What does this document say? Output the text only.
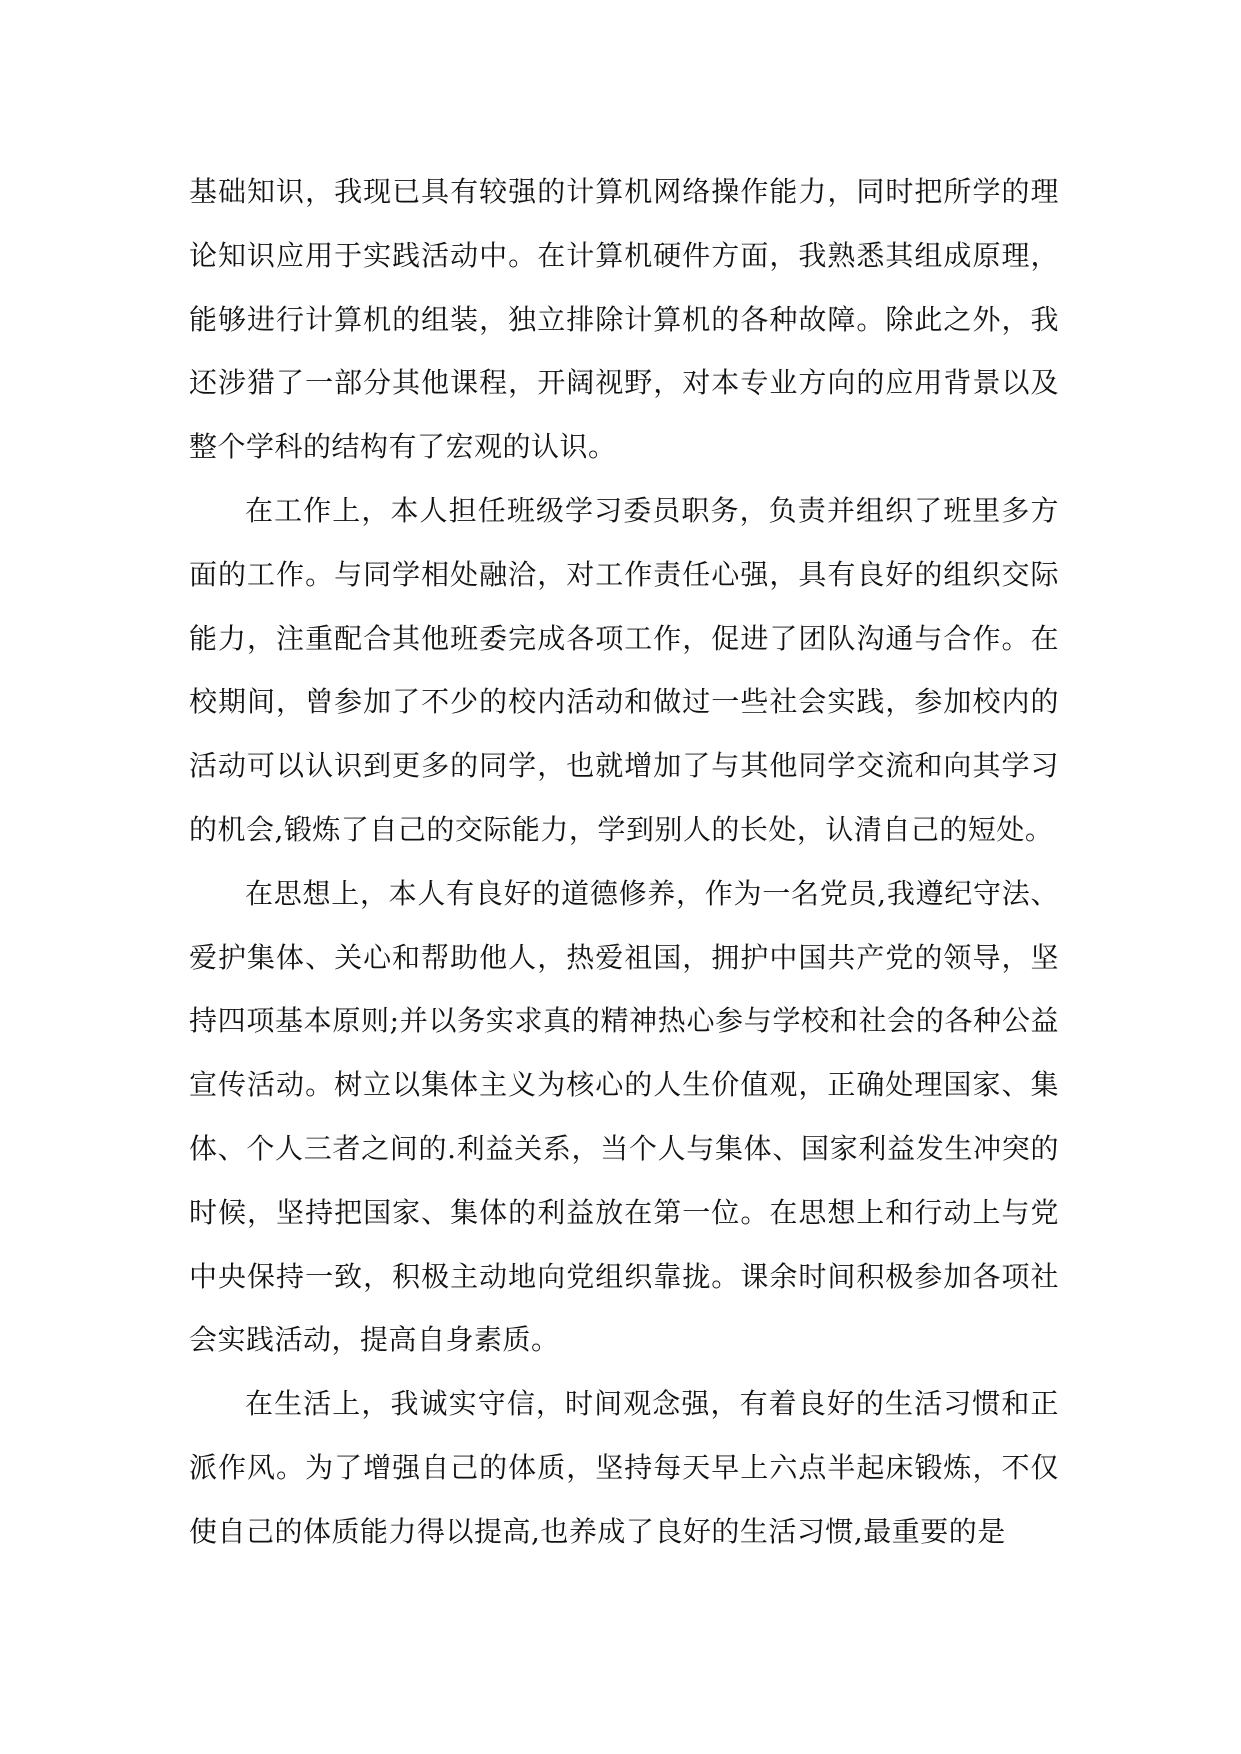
基础知识，我现已具有较强的计算机网络操作能力，同时把所学的理论知识应用于实践活动中。在计算机硬件方面，我熟悉其组成原理，能够进行计算机的组装，独立排除计算机的各种故障。除此之外，我还涉猎了一部分其他课程，开阔视野，对本专业方向的应用背景以及整个学科的结构有了宏观的认识。

在工作上，本人担任班级学习委员职务，负责并组织了班里多方面的工作。与同学相处融洽，对工作责任心强，具有良好的组织交际能力，注重配合其他班委完成各项工作，促进了团队沟通与合作。在校期间，曾参加了不少的校内活动和做过一些社会实践，参加校内的活动可以认识到更多的同学，也就增加了与其他同学交流和向其学习的机会,锻炼了自己的交际能力，学到别人的长处，认清自己的短处。

在思想上，本人有良好的道德修养，作为一名党员,我遵纪守法、爱护集体、关心和帮助他人，热爱祖国，拥护中国共产党的领导，坚持四项基本原则;并以务实求真的精神热心参与学校和社会的各种公益宣传活动。树立以集体主义为核心的人生价值观，正确处理国家、集体、个人三者之间的.利益关系，当个人与集体、国家利益发生冲突的时候，坚持把国家、集体的利益放在第一位。在思想上和行动上与党中央保持一致，积极主动地向党组织靠拢。课余时间积极参加各项社会实践活动，提高自身素质。

在生活上，我诚实守信，时间观念强，有着良好的生活习惯和正派作风。为了增强自己的体质，坚持每天早上六点半起床锻炼，不仅使自己的体质能力得以提高,也养成了良好的生活习惯,最重要的是
